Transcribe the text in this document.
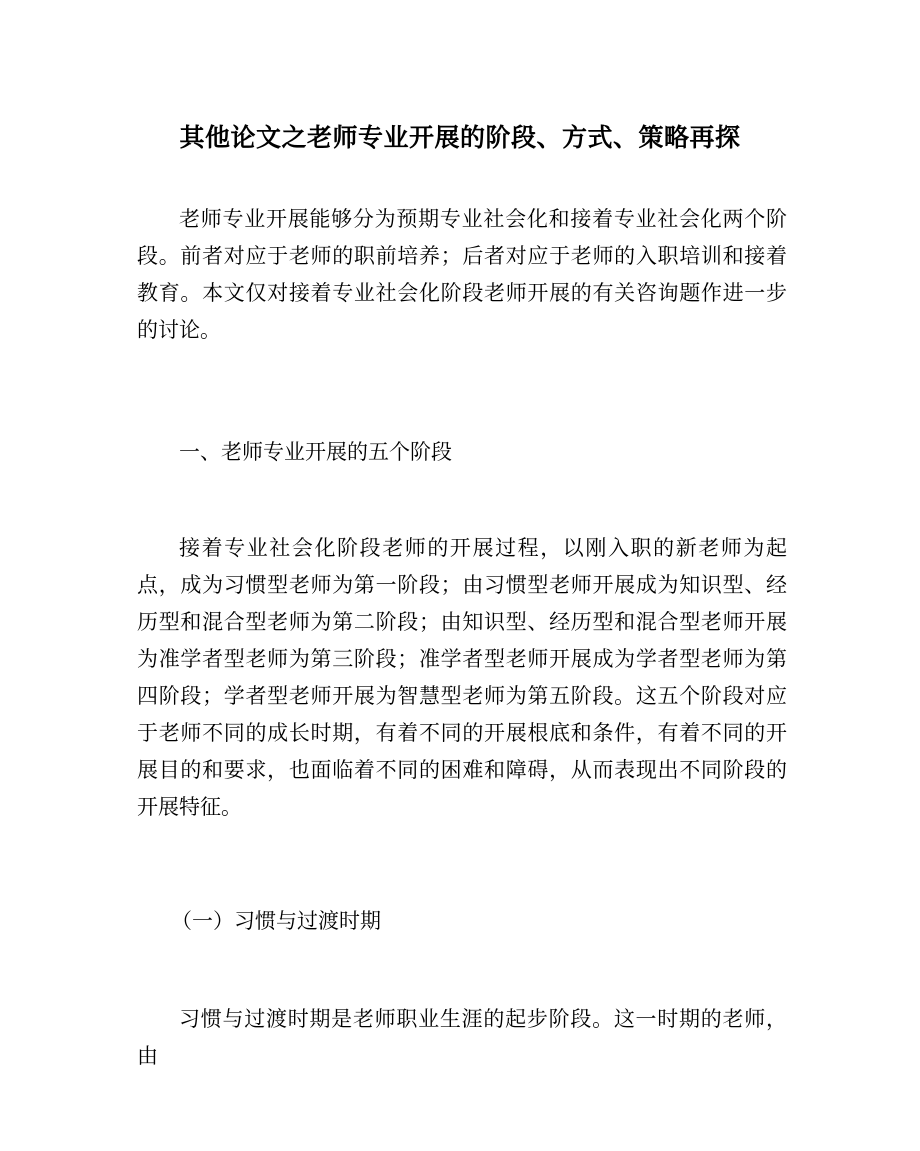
其他论文之老师专业开展的阶段、方式、策略再探
老师专业开展能够分为预期专业社会化和接着专业社会化两个阶段。前者对应于老师的职前培养；后者对应于老师的入职培训和接着教育。本文仅对接着专业社会化阶段老师开展的有关咨询题作进一步的讨论。
一、老师专业开展的五个阶段
接着专业社会化阶段老师的开展过程，以刚入职的新老师为起点，成为习惯型老师为第一阶段；由习惯型老师开展成为知识型、经历型和混合型老师为第二阶段；由知识型、经历型和混合型老师开展为准学者型老师为第三阶段；准学者型老师开展成为学者型老师为第四阶段；学者型老师开展为智慧型老师为第五阶段。这五个阶段对应于老师不同的成长时期，有着不同的开展根底和条件，有着不同的开展目的和要求，也面临着不同的困难和障碍，从而表现出不同阶段的开展特征。
（一）习惯与过渡时期
习惯与过渡时期是老师职业生涯的起步阶段。这一时期的老师，由
